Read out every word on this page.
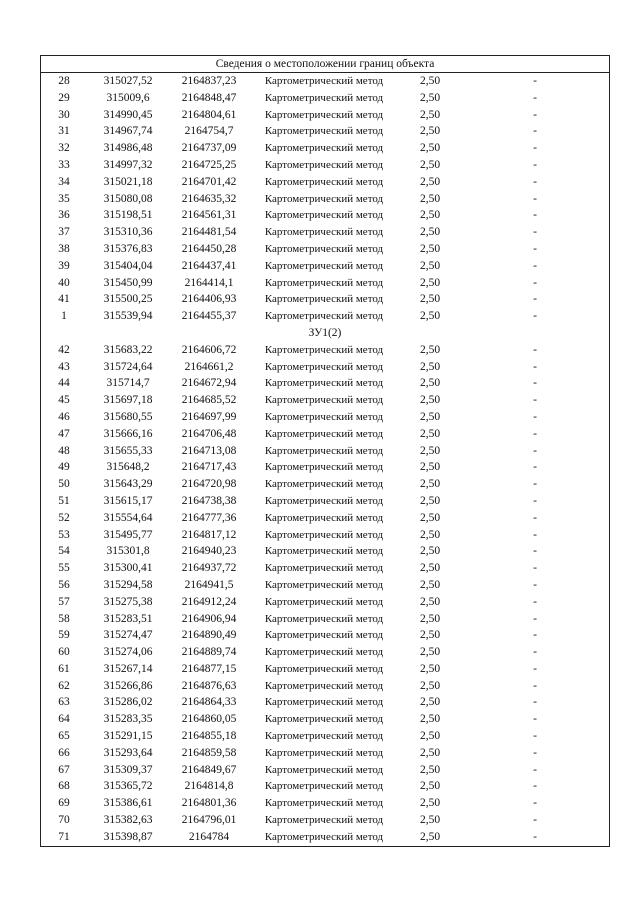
Сведения о местоположении границ объекта
28	315027,52	2164837,23	Картометрический метод	2,50	-
29	315009,6	2164848,47	Картометрический метод	2,50	-
30	314990,45	2164804,61	Картометрический метод	2,50	-
31	314967,74	2164754,7	Картометрический метод	2,50	-
32	314986,48	2164737,09	Картометрический метод	2,50	-
33	314997,32	2164725,25	Картометрический метод	2,50	-
34	315021,18	2164701,42	Картометрический метод	2,50	-
35	315080,08	2164635,32	Картометрический метод	2,50	-
36	315198,51	2164561,31	Картометрический метод	2,50	-
37	315310,36	2164481,54	Картометрический метод	2,50	-
38	315376,83	2164450,28	Картометрический метод	2,50	-
39	315404,04	2164437,41	Картометрический метод	2,50	-
40	315450,99	2164414,1	Картометрический метод	2,50	-
41	315500,25	2164406,93	Картометрический метод	2,50	-
1	315539,94	2164455,37	Картометрический метод	2,50	-
ЗУ1(2)
42	315683,22	2164606,72	Картометрический метод	2,50	-
43	315724,64	2164661,2	Картометрический метод	2,50	-
44	315714,7	2164672,94	Картометрический метод	2,50	-
45	315697,18	2164685,52	Картометрический метод	2,50	-
46	315680,55	2164697,99	Картометрический метод	2,50	-
47	315666,16	2164706,48	Картометрический метод	2,50	-
48	315655,33	2164713,08	Картометрический метод	2,50	-
49	315648,2	2164717,43	Картометрический метод	2,50	-
50	315643,29	2164720,98	Картометрический метод	2,50	-
51	315615,17	2164738,38	Картометрический метод	2,50	-
52	315554,64	2164777,36	Картометрический метод	2,50	-
53	315495,77	2164817,12	Картометрический метод	2,50	-
54	315301,8	2164940,23	Картометрический метод	2,50	-
55	315300,41	2164937,72	Картометрический метод	2,50	-
56	315294,58	2164941,5	Картометрический метод	2,50	-
57	315275,38	2164912,24	Картометрический метод	2,50	-
58	315283,51	2164906,94	Картометрический метод	2,50	-
59	315274,47	2164890,49	Картометрический метод	2,50	-
60	315274,06	2164889,74	Картометрический метод	2,50	-
61	315267,14	2164877,15	Картометрический метод	2,50	-
62	315266,86	2164876,63	Картометрический метод	2,50	-
63	315286,02	2164864,33	Картометрический метод	2,50	-
64	315283,35	2164860,05	Картометрический метод	2,50	-
65	315291,15	2164855,18	Картометрический метод	2,50	-
66	315293,64	2164859,58	Картометрический метод	2,50	-
67	315309,37	2164849,67	Картометрический метод	2,50	-
68	315365,72	2164814,8	Картометрический метод	2,50	-
69	315386,61	2164801,36	Картометрический метод	2,50	-
70	315382,63	2164796,01	Картометрический метод	2,50	-
71	315398,87	2164784	Картометрический метод	2,50	-
